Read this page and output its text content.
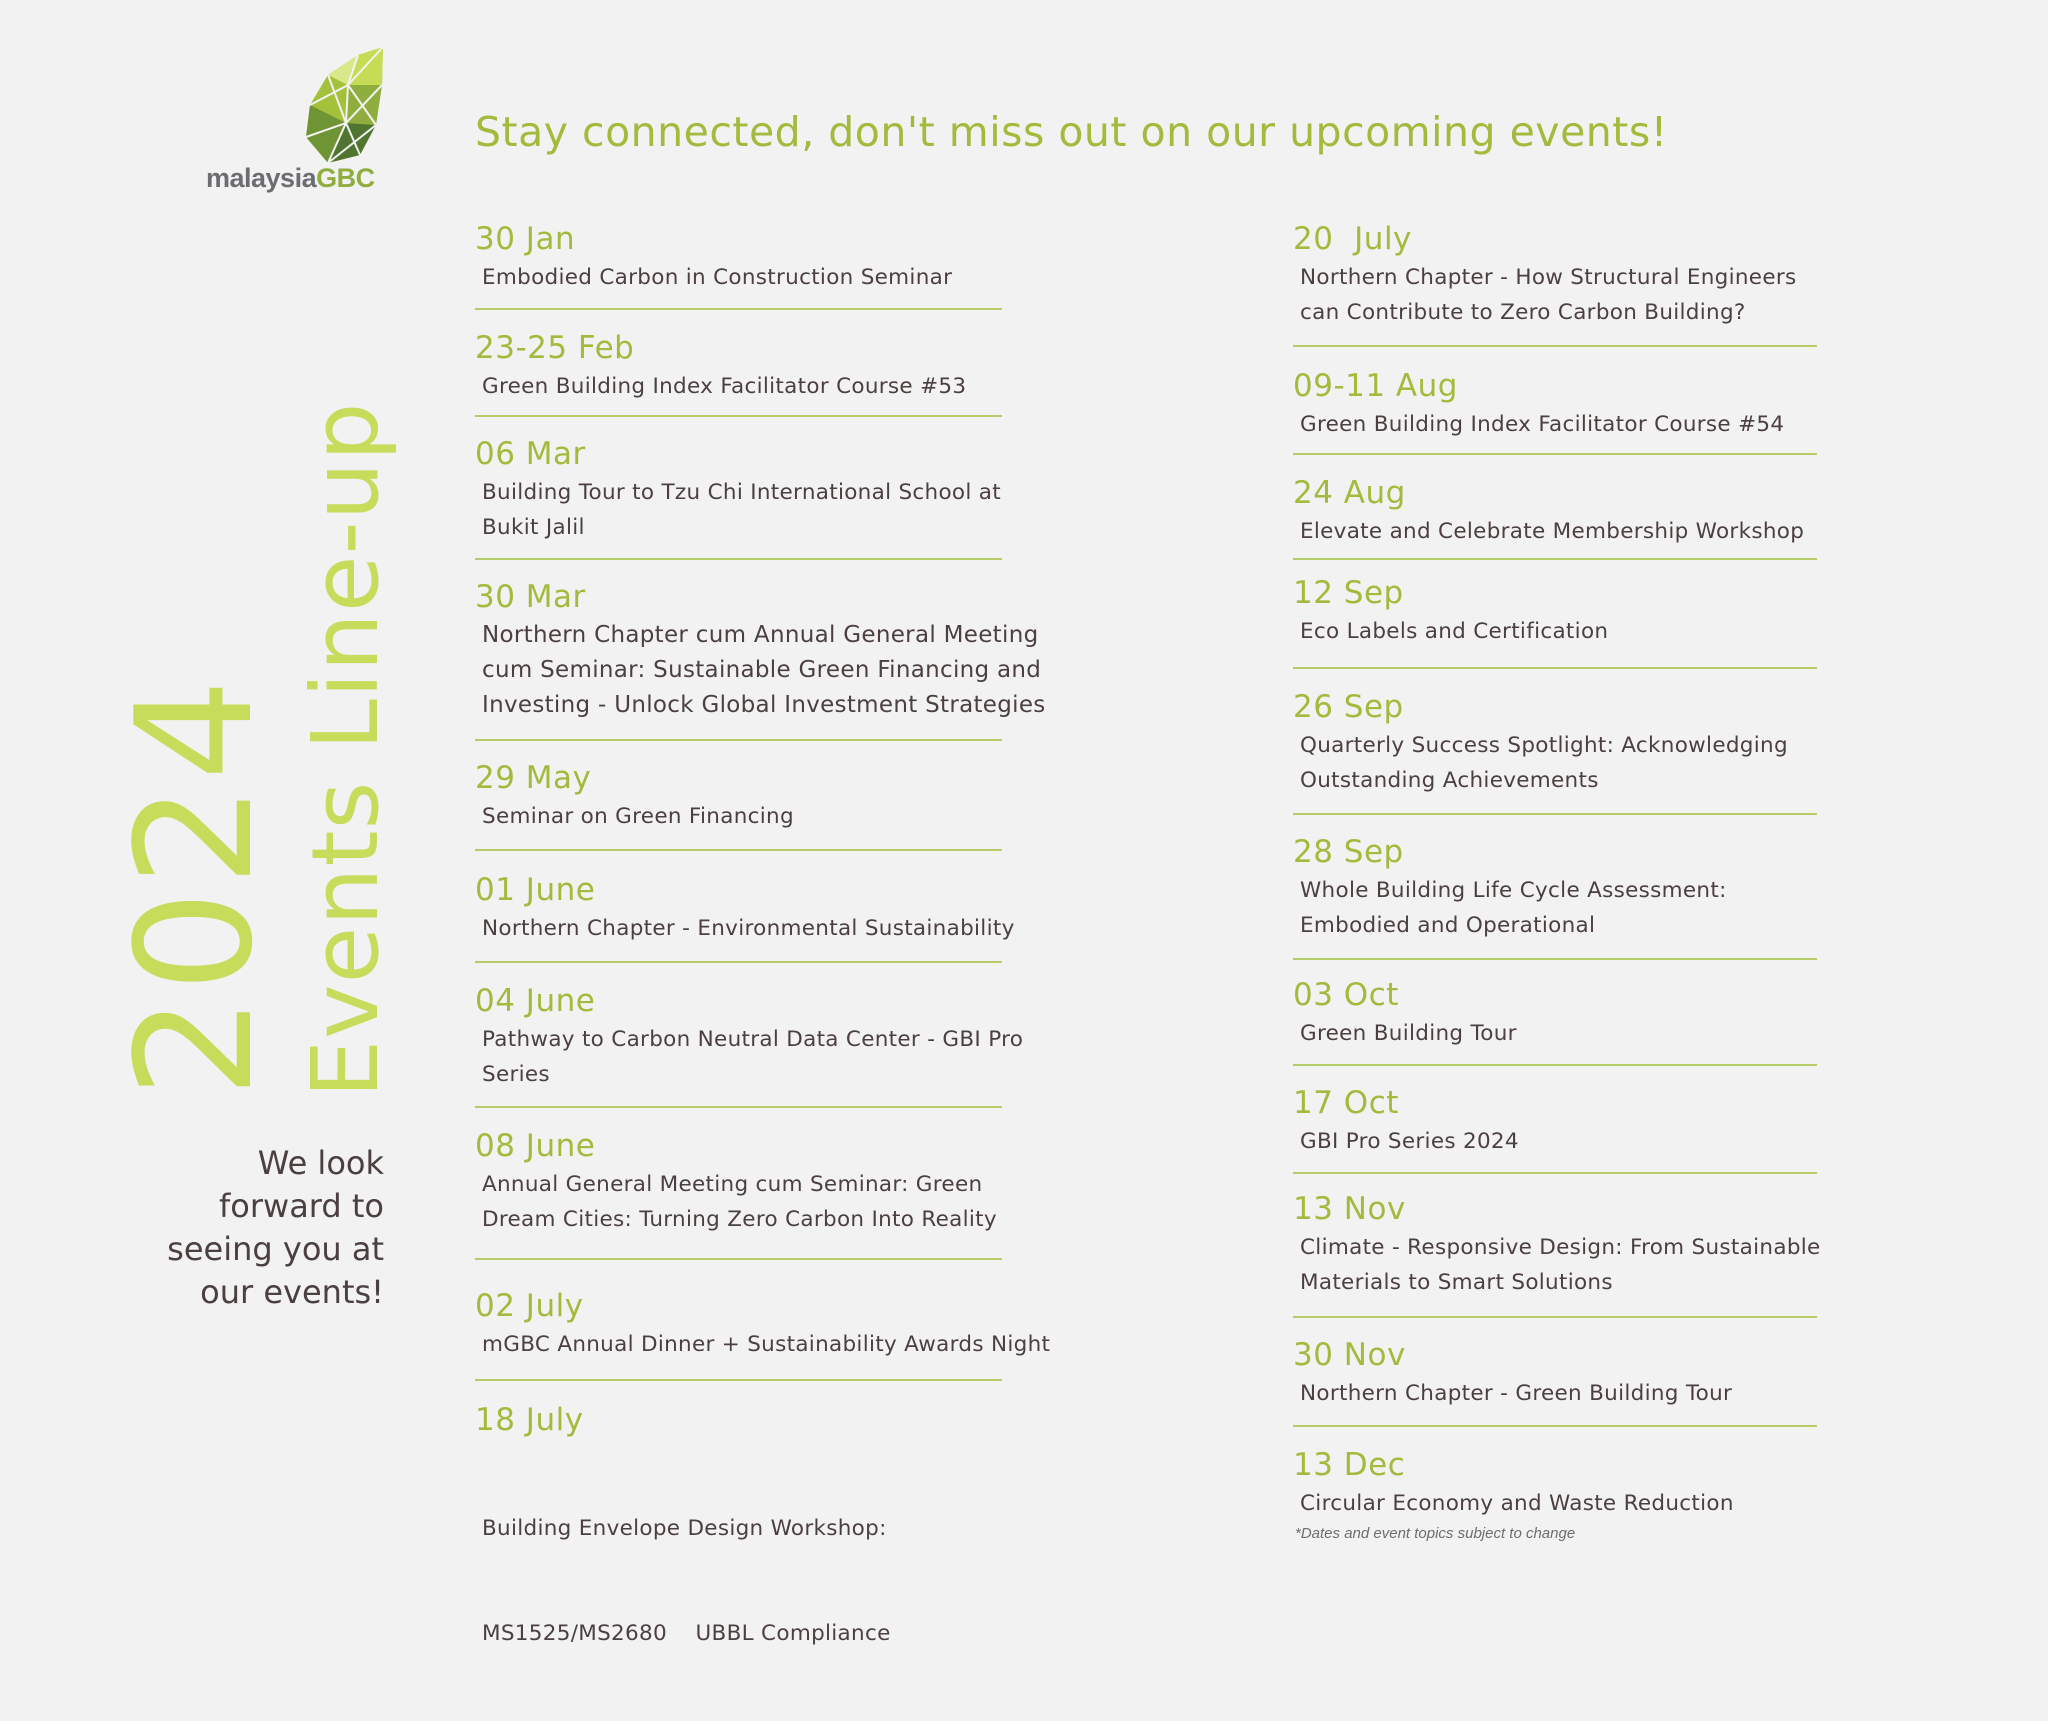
malaysiaGBC
Stay connected, don't miss out on our upcoming events!
2024 Events Line-up
We look
forward to
seeing you at
our events!
30 Jan
Embodied Carbon in Construction Seminar
23-25 Feb
Green Building Index Facilitator Course #53
06 Mar
Building Tour to Tzu Chi International School at
Bukit Jalil
30 Mar
Northern Chapter cum Annual General Meeting
cum Seminar: Sustainable Green Financing and
Investing - Unlock Global Investment Strategies
29 May
Seminar on Green Financing
01 June
Northern Chapter - Environmental Sustainability
04 June
Pathway to Carbon Neutral Data Center - GBI Pro
Series
08 June
Annual General Meeting cum Seminar: Green
Dream Cities: Turning Zero Carbon Into Reality
02 July
mGBC Annual Dinner + Sustainability Awards Night
18 July

Building Envelope Design Workshop:

MS1525/MS2680    UBBL Compliance

20  July
Northern Chapter - How Structural Engineers
can Contribute to Zero Carbon Building?
09-11 Aug
Green Building Index Facilitator Course #54
24 Aug
Elevate and Celebrate Membership Workshop
12 Sep
Eco Labels and Certification
26 Sep
Quarterly Success Spotlight: Acknowledging
Outstanding Achievements
28 Sep
Whole Building Life Cycle Assessment:
Embodied and Operational
03 Oct
Green Building Tour
17 Oct
GBI Pro Series 2024
13 Nov
Climate - Responsive Design: From Sustainable
Materials to Smart Solutions
30 Nov
Northern Chapter - Green Building Tour
13 Dec
Circular Economy and Waste Reduction
*Dates and event topics subject to change
